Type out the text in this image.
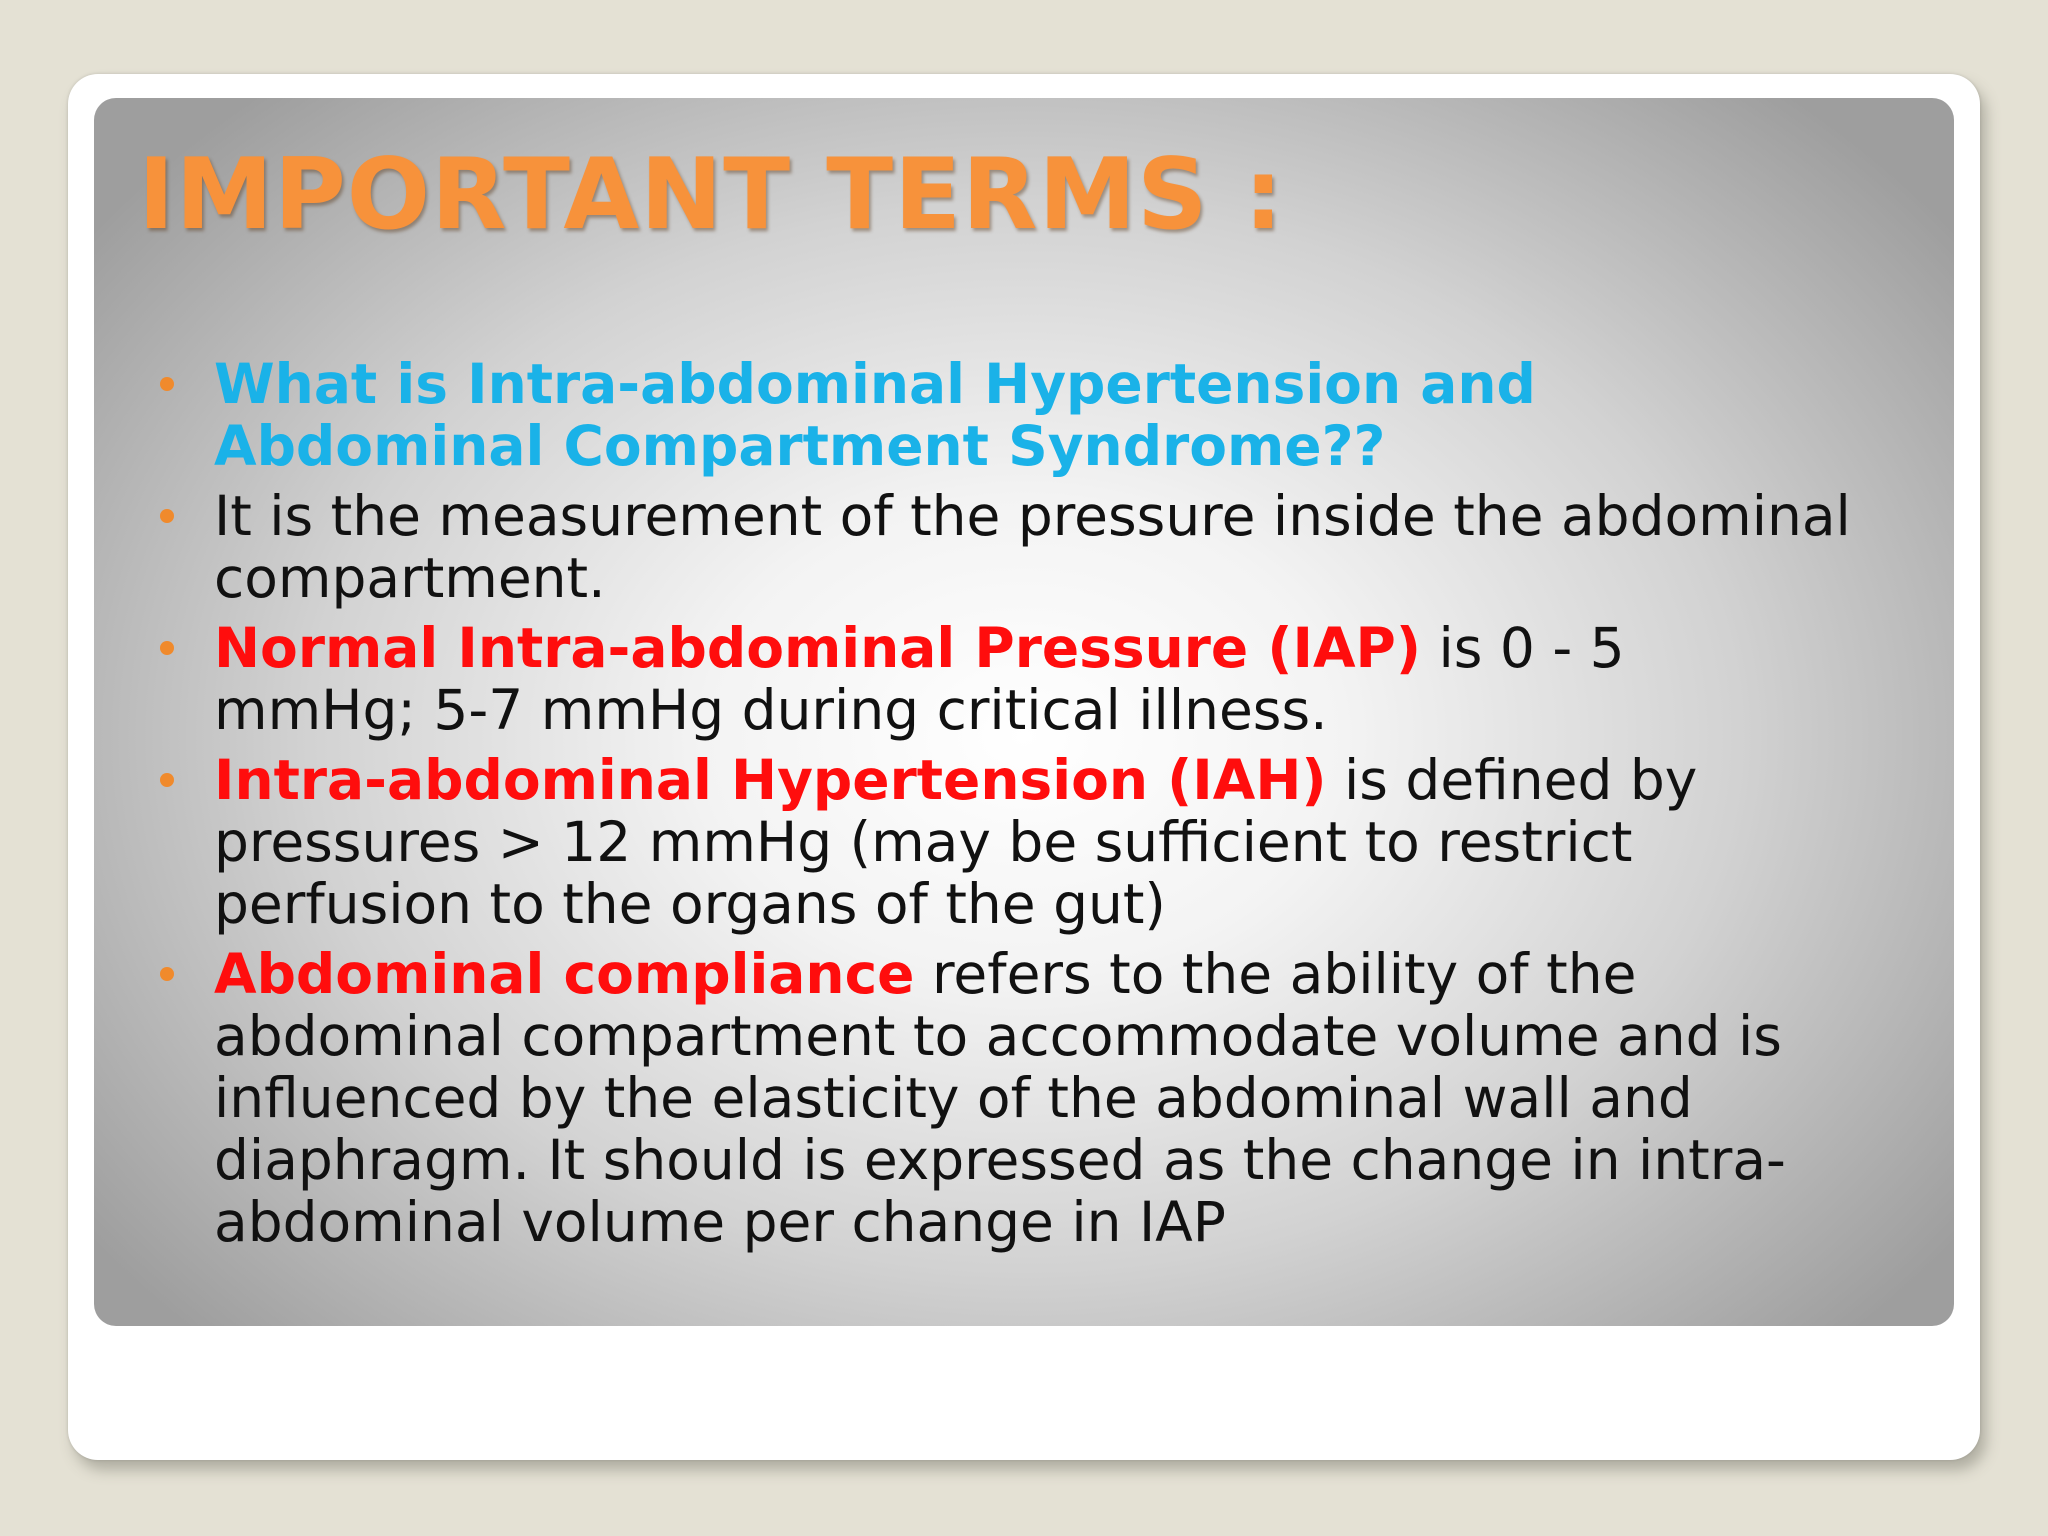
IMPORTANT TERMS :
What is Intra-abdominal Hypertension and
Abdominal Compartment Syndrome??
It is the measurement of the pressure inside the abdominal
compartment.
Normal Intra-abdominal Pressure (IAP) is 0 - 5
mmHg; 5-7 mmHg during critical illness.
Intra-abdominal Hypertension (IAH) is defined by
pressures > 12 mmHg (may be sufficient to restrict
perfusion to the organs of the gut)
Abdominal compliance refers to the ability of the
abdominal compartment to accommodate volume and is
influenced by the elasticity of the abdominal wall and
diaphragm. It should is expressed as the change in intra-
abdominal volume per change in IAP
